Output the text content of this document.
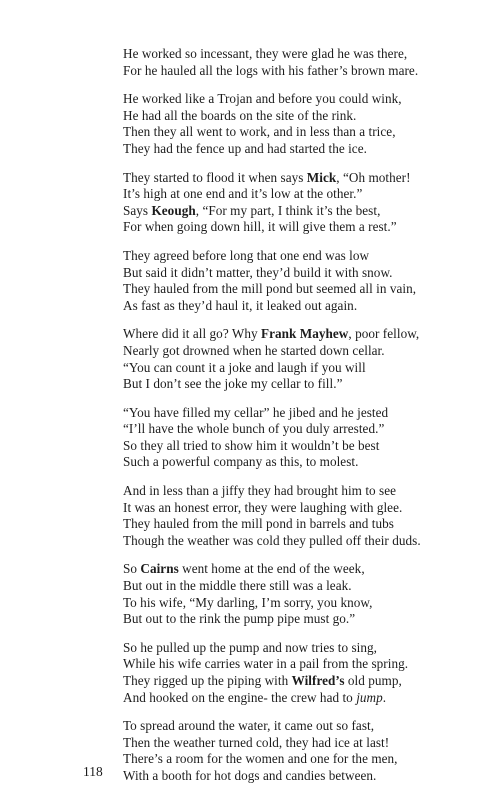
He worked so incessant, they were glad he was there,
For he hauled all the logs with his father’s brown mare.
He worked like a Trojan and before you could wink,
He had all the boards on the site of the rink.
Then they all went to work, and in less than a trice,
They had the fence up and had started the ice.
They started to flood it when says Mick, “Oh mother!
It’s high at one end and it’s low at the other.”
Says Keough, “For my part, I think it’s the best,
For when going down hill, it will give them a rest.”
They agreed before long that one end was low
But said it didn’t matter, they’d build it with snow.
They hauled from the mill pond but seemed all in vain,
As fast as they’d haul it, it leaked out again.
Where did it all go? Why Frank Mayhew, poor fellow,
Nearly got drowned when he started down cellar.
“You can count it a joke and laugh if you will
But I don’t see the joke my cellar to fill.”
“You have filled my cellar” he jibed and he jested
“I’ll have the whole bunch of you duly arrested.”
So they all tried to show him it wouldn’t be best
Such a powerful company as this, to molest.
And in less than a jiffy they had brought him to see
It was an honest error, they were laughing with glee.
They hauled from the mill pond in barrels and tubs
Though the weather was cold they pulled off their duds.
So Cairns went home at the end of the week,
But out in the middle there still was a leak.
To his wife, “My darling, I’m sorry, you know,
But out to the rink the pump pipe must go.”
So he pulled up the pump and now tries to sing,
While his wife carries water in a pail from the spring.
They rigged up the piping with Wilfred’s old pump,
And hooked on the engine- the crew had to jump.
To spread around the water, it came out so fast,
Then the weather turned cold, they had ice at last!
There’s a room for the women and one for the men,
With a booth for hot dogs and candies between.
118
